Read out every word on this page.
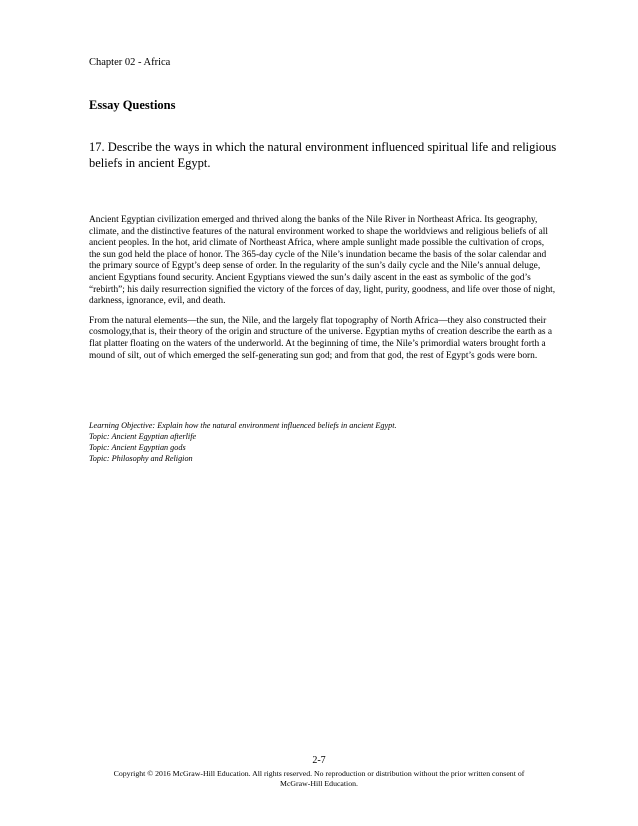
Chapter 02 - Africa
Essay Questions
17. Describe the ways in which the natural environment influenced spiritual life and religious beliefs in ancient Egypt.

Ancient Egyptian civilization emerged and thrived along the banks of the Nile River in Northeast Africa. Its geography, climate, and the distinctive features of the natural environment worked to shape the worldviews and religious beliefs of all ancient peoples. In the hot, arid climate of Northeast Africa, where ample sunlight made possible the cultivation of crops, the sun god held the place of honor. The 365-day cycle of the Nile’s inundation became the basis of the solar calendar and the primary source of Egypt’s deep sense of order. In the regularity of the sun’s daily cycle and the Nile’s annual deluge, ancient Egyptians found security. Ancient Egyptians viewed the sun’s daily ascent in the east as symbolic of the god’s “rebirth”; his daily resurrection signified the victory of the forces of day, light, purity, goodness, and life over those of night, darkness, ignorance, evil, and death.

From the natural elements—the sun, the Nile, and the largely flat topography of North Africa—they also constructed their cosmology,that is, their theory of the origin and structure of the universe. Egyptian myths of creation describe the earth as a flat platter floating on the waters of the underworld. At the beginning of time, the Nile’s primordial waters brought forth a mound of silt, out of which emerged the self-generating sun god; and from that god, the rest of Egypt’s gods were born.

Learning Objective: Explain how the natural environment influenced beliefs in ancient Egypt.
Topic: Ancient Egyptian afterlife
Topic: Ancient Egyptian gods
Topic: Philosophy and Religion
2-7
Copyright © 2016 McGraw-Hill Education. All rights reserved. No reproduction or distribution without the prior written consent of McGraw-Hill Education.
